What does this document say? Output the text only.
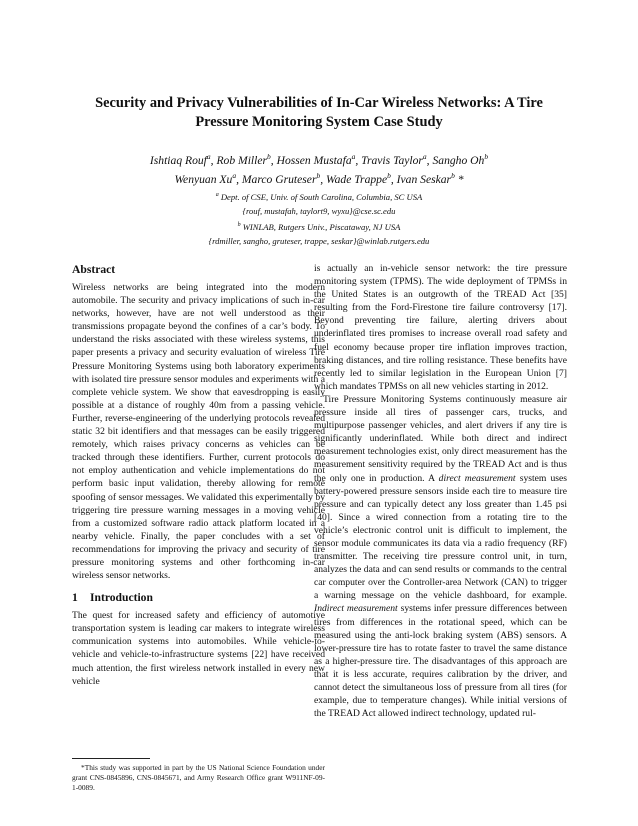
Security and Privacy Vulnerabilities of In-Car Wireless Networks: A Tire
Pressure Monitoring System Case Study
Ishtiaq Rouf$^a$, Rob Miller$^b$, Hossen Mustafa$^a$, Travis Taylor$^a$, Sangho Oh$^b$
Wenyuan Xu$^a$, Marco Gruteser$^b$, Wade Trappe$^b$, Ivan Seskar$^b$ *
$^a$ Dept. of CSE, Univ. of South Carolina, Columbia, SC USA
{rouf, mustafah, taylort9, wyxu}@cse.sc.edu
$^b$ WINLAB, Rutgers Univ., Piscataway, NJ USA
{rdmiller, sangho, gruteser, trappe, seskar}@winlab.rutgers.edu
Abstract

Wireless networks are being integrated into the modern automobile. The security and privacy implications of such in-car networks, however, have are not well understood as their transmissions propagate beyond the confines of a car’s body. To understand the risks associated with these wireless systems, this paper presents a privacy and security evaluation of wireless Tire Pressure Monitoring Systems using both laboratory experiments with isolated tire pressure sensor modules and experiments with a complete vehicle system. We show that eavesdropping is easily possible at a distance of roughly 40m from a passing vehicle. Further, reverse-engineering of the underlying protocols revealed static 32 bit identifiers and that messages can be easily triggered remotely, which raises privacy concerns as vehicles can be tracked through these identifiers. Further, current protocols do not employ authentication and vehicle implementations do not perform basic input validation, thereby allowing for remote spoofing of sensor messages. We validated this experimentally by triggering tire pressure warning messages in a moving vehicle from a customized software radio attack platform located in a nearby vehicle. Finally, the paper concludes with a set of recommendations for improving the privacy and security of tire pressure monitoring systems and other forthcoming in-car wireless sensor networks.

1 Introduction

The quest for increased safety and efficiency of automotive transportation system is leading car makers to integrate wireless communication systems into automobiles. While vehicle-to-vehicle and vehicle-to-infrastructure systems [22] have received much attention, the first wireless network installed in every new vehicle

*This study was supported in part by the US National Science Foundation under grant CNS-0845896, CNS-0845671, and Army Research Office grant W911NF-09-1-0089.

is actually an in-vehicle sensor network: the tire pressure monitoring system (TPMS). The wide deployment of TPMSs in the United States is an outgrowth of the TREAD Act [35] resulting from the Ford-Firestone tire failure controversy [17]. Beyond preventing tire failure, alerting drivers about underinflated tires promises to increase overall road safety and fuel economy because proper tire inflation improves traction, braking distances, and tire rolling resistance. These benefits have recently led to similar legislation in the European Union [7] which mandates TPMSs on all new vehicles starting in 2012.

Tire Pressure Monitoring Systems continuously measure air pressure inside all tires of passenger cars, trucks, and multipurpose passenger vehicles, and alert drivers if any tire is significantly underinflated. While both direct and indirect measurement technologies exist, only direct measurement has the measurement sensitivity required by the TREAD Act and is thus the only one in production. A direct measurement system uses battery-powered pressure sensors inside each tire to measure tire pressure and can typically detect any loss greater than 1.45 psi [40]. Since a wired connection from a rotating tire to the vehicle’s electronic control unit is difficult to implement, the sensor module communicates its data via a radio frequency (RF) transmitter. The receiving tire pressure control unit, in turn, analyzes the data and can send results or commands to the central car computer over the Controller-area Network (CAN) to trigger a warning message on the vehicle dashboard, for example. Indirect measurement systems infer pressure differences between tires from differences in the rotational speed, which can be measured using the anti-lock braking system (ABS) sensors. A lower-pressure tire has to rotate faster to travel the same distance as a higher-pressure tire. The disadvantages of this approach are that it is less accurate, requires calibration by the driver, and cannot detect the simultaneous loss of pressure from all tires (for example, due to temperature changes). While initial versions of the TREAD Act allowed indirect technology, updated rul-
